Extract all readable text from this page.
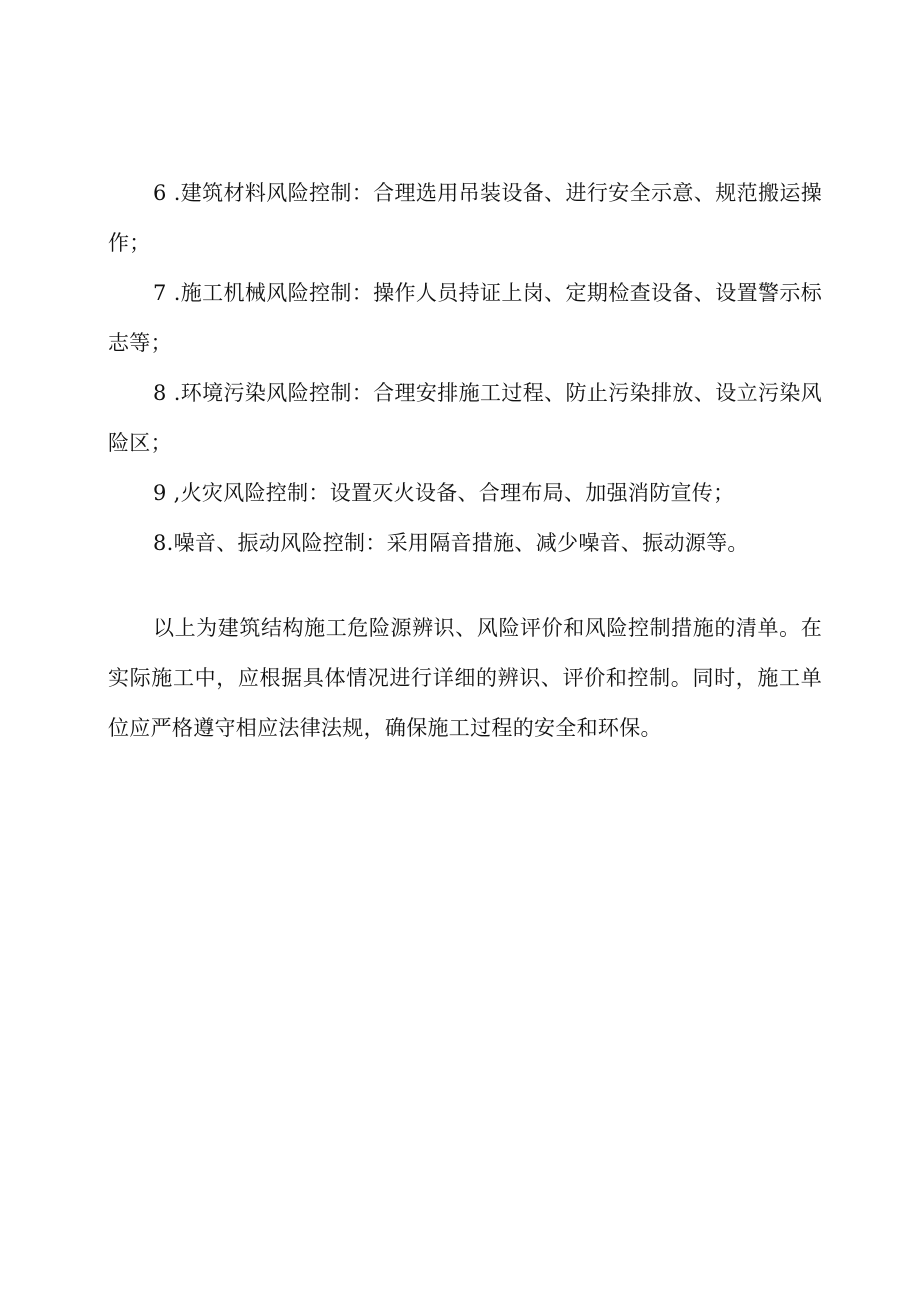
6 .建筑材料风险控制：合理选用吊装设备、进行安全示意、规范搬运操作；

7 .施工机械风险控制：操作人员持证上岗、定期检查设备、设置警示标志等；

8 .环境污染风险控制：合理安排施工过程、防止污染排放、设立污染风险区；

9 ,火灾风险控制：设置灭火设备、合理布局、加强消防宣传；

8.噪音、振动风险控制：采用隔音措施、减少噪音、振动源等。

以上为建筑结构施工危险源辨识、风险评价和风险控制措施的清单。在实际施工中，应根据具体情况进行详细的辨识、评价和控制。同时，施工单位应严格遵守相应法律法规，确保施工过程的安全和环保。
